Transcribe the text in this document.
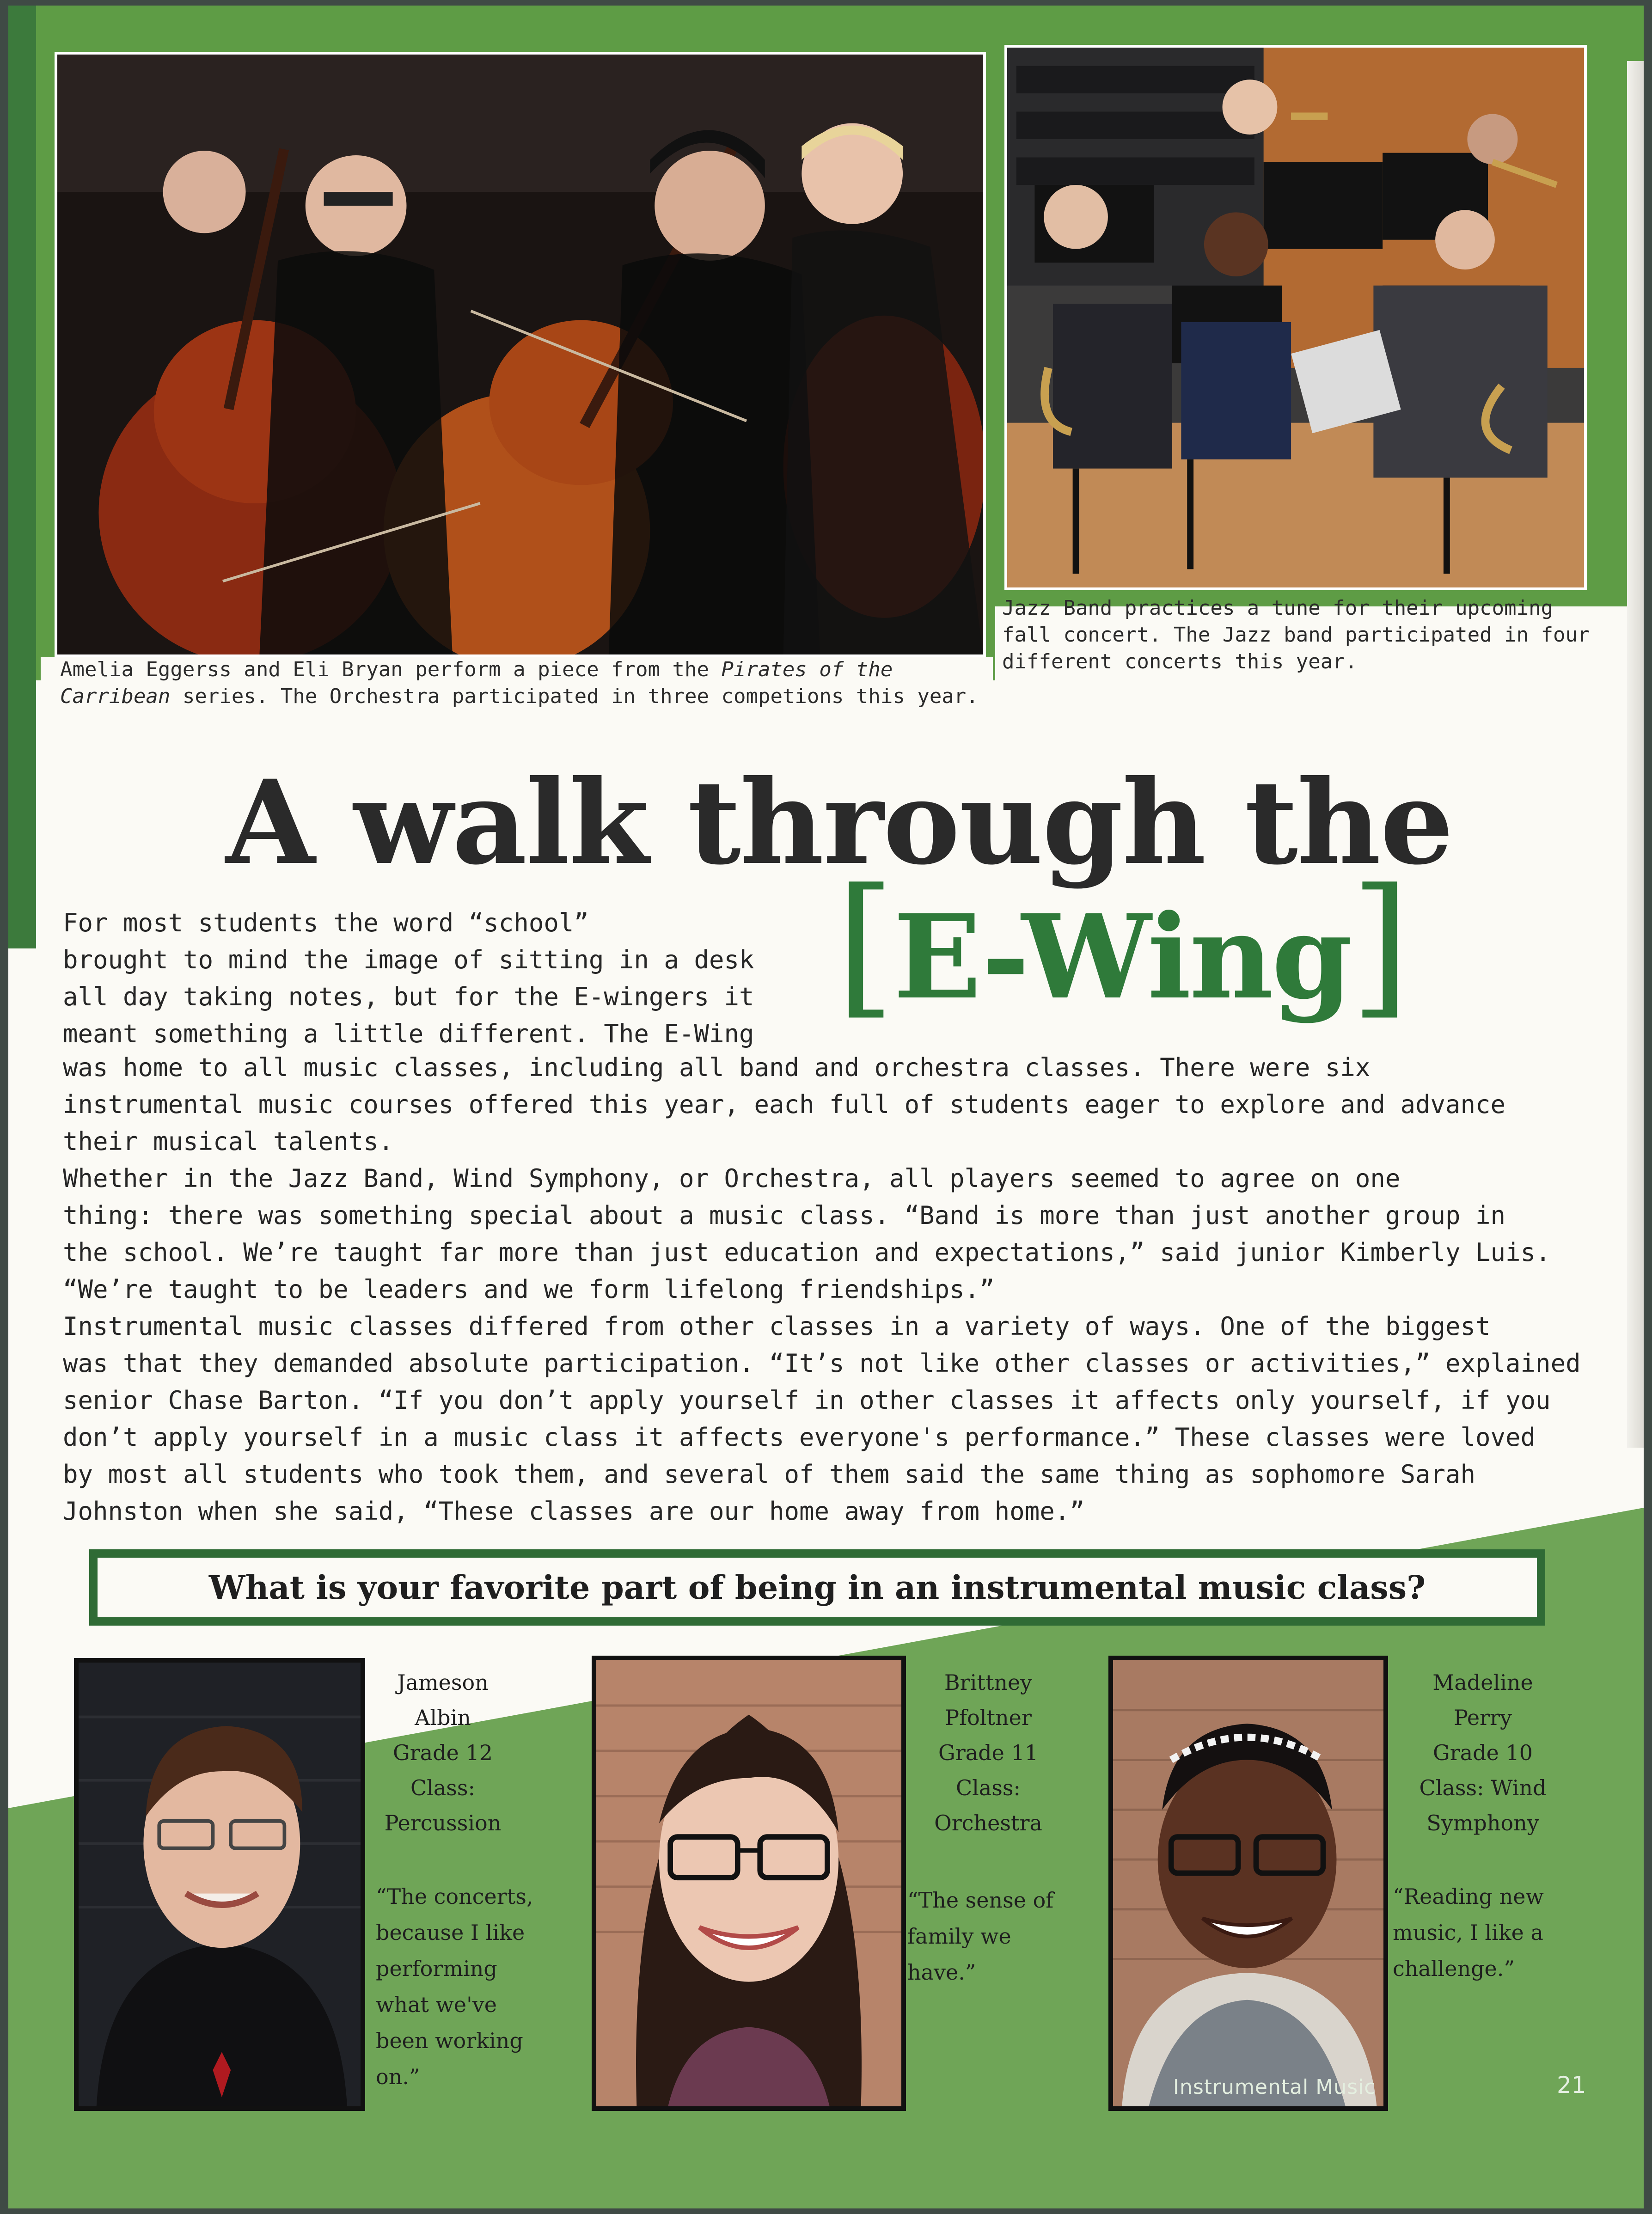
Amelia Eggerss and Eli Bryan perform a piece from the Pirates of the Carribean series. The Orchestra participated in three competions this year.
Jazz Band practices a tune for their upcoming fall concert. The Jazz band participated in four different concerts this year.
A walk through the
[E-Wing]
For most students the word “school”
brought to mind the image of sitting in a desk
all day taking notes, but for the E-wingers it
meant something a little different. The E-Wing
was home to all music classes, including all band and orchestra classes. There were six
instrumental music courses offered this year, each full of students eager to explore and advance
their musical talents.
Whether in the Jazz Band, Wind Symphony, or Orchestra, all players seemed to agree on one
thing: there was something special about a music class. “Band is more than just another group in
the school. We’re taught far more than just education and expectations,” said junior Kimberly Luis.
“We’re taught to be leaders and we form lifelong friendships.”
Instrumental music classes differed from other classes in a variety of ways. One of the biggest
was that they demanded absolute participation. “It’s not like other classes or activities,” explained
senior Chase Barton. “If you don’t apply yourself in other classes it affects only yourself, if you
don’t apply yourself in a music class it affects everyone's performance.” These classes were loved
by most all students who took them, and several of them said the same thing as sophomore Sarah
Johnston when she said, “These classes are our home away from home.”
What is your favorite part of being in an instrumental music class?
Jameson
Albin
Grade 12
Class:
Percussion
“The concerts,
because I like
performing
what we've
been working
on.”
Brittney
Pfoltner
Grade 11
Class:
Orchestra
“The sense of
family we
have.”
Madeline
Perry
Grade 10
Class: Wind
Symphony
“Reading new
music, I like a
challenge.”
Instrumental Music	21
